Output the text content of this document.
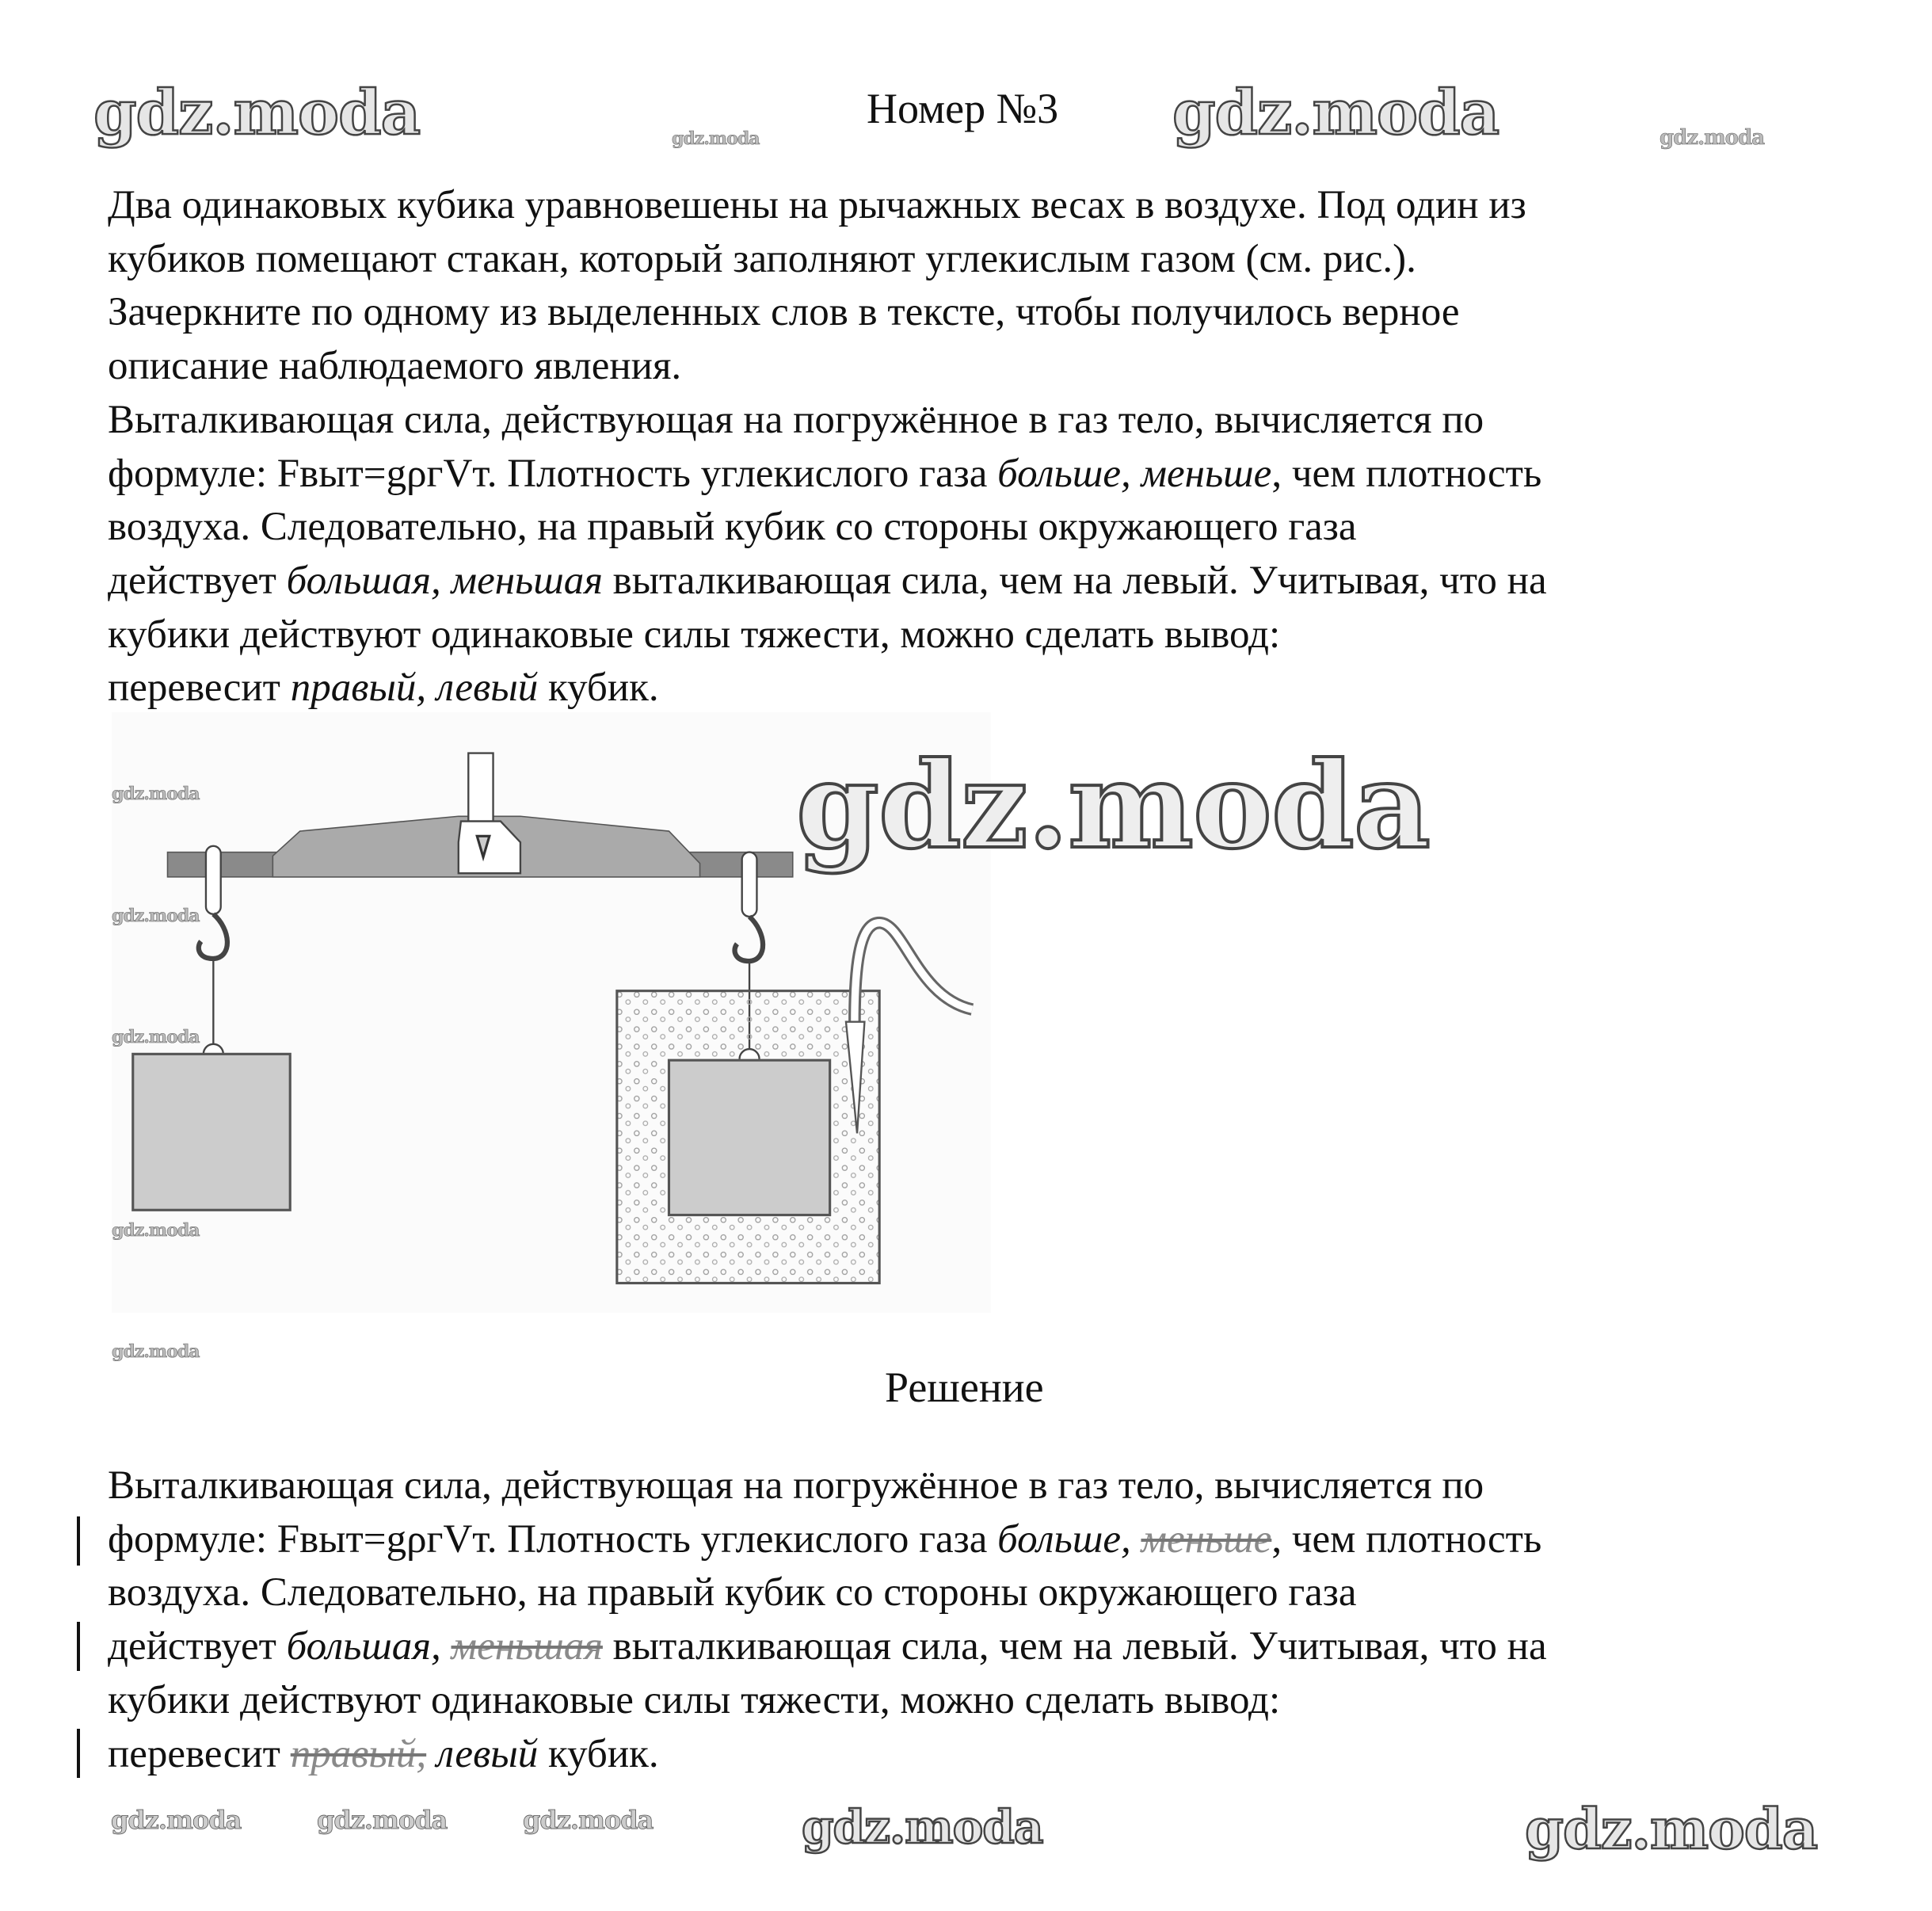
Номер №3
gdz.moda	gdz.moda	gdz.moda	gdz.moda

Два одинаковых кубика уравновешены на рычажных весах в воздухе. Под один из

кубиков помещают стакан, который заполняют углекислым газом (см. рис.).

Зачеркните по одному из выделенных слов в тексте, чтобы получилось верное

описание наблюдаемого явления.

Выталкивающая сила, действующая на погружённое в газ тело, вычисляется по

формуле: Fвыт=gρгVт. Плотность углекислого газа больше, меньше, чем плотность

воздуха. Следовательно, на правый кубик со стороны окружающего газа

действует большая, меньшая выталкивающая сила, чем на левый. Учитывая, что на

кубики действуют одинаковые силы тяжести, можно сделать вывод:

перевесит правый, левый кубик.

gdz.moda
gdz.moda
gdz.moda
gdz.moda
gdz.moda
gdz.moda
Решение

Выталкивающая сила, действующая на погружённое в газ тело, вычисляется по

формуле: Fвыт=gρгVт. Плотность углекислого газа больше, меньше, чем плотность

воздуха. Следовательно, на правый кубик со стороны окружающего газа

действует большая, меньшая выталкивающая сила, чем на левый. Учитывая, что на

кубики действуют одинаковые силы тяжести, можно сделать вывод:

перевесит правый, левый кубик.

gdz.moda	gdz.moda	gdz.moda	gdz.moda
gdz.moda
